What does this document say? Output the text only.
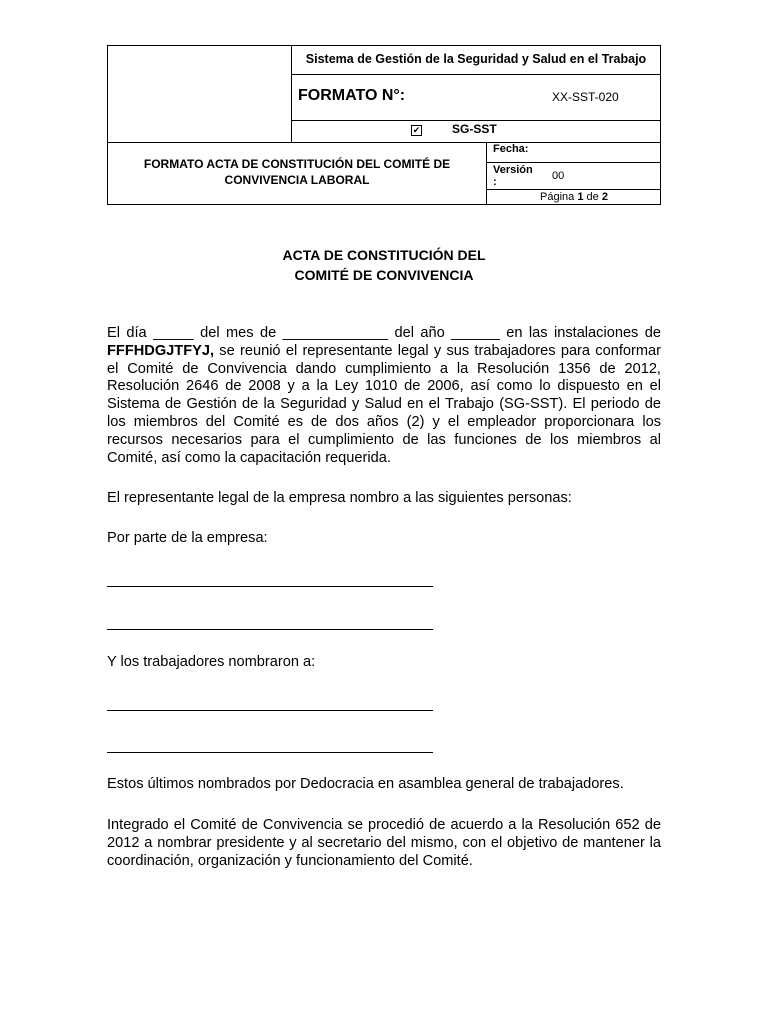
Sistema de Gestión de la Seguridad y Salud en el Trabajo
FORMATO N°:	XX-SST-020
✔	SG-SST
FORMATO ACTA DE CONSTITUCIÓN DEL COMITÉ DE
CONVIVENCIA LABORAL
Fecha:
Versión
:	00
Página 1 de 2
ACTA DE CONSTITUCIÓN DEL
COMITÉ DE CONVIVENCIA

El día _____ del mes de _____________ del año ______ en las instalaciones de FFFHDGJTFYJ, se reunió el representante legal y sus trabajadores para conformar el Comité de Convivencia dando cumplimiento a la Resolución 1356 de 2012, Resolución 2646 de 2008 y a la Ley 1010 de 2006, así como lo dispuesto en el Sistema de Gestión de la Seguridad y Salud en el Trabajo (SG-SST). El periodo de los miembros del Comité es de dos años (2) y el empleador proporcionara los recursos necesarios para el cumplimiento de las funciones de los miembros al Comité, así como la capacitación requerida.

El representante legal de la empresa nombro a las siguientes personas:

Por parte de la empresa:

Y los trabajadores nombraron a:

Estos últimos nombrados por Dedocracia en asamblea general de trabajadores.

Integrado el Comité de Convivencia se procedió de acuerdo a la Resolución 652 de 2012 a nombrar presidente y al secretario del mismo, con el objetivo de mantener la coordinación, organización y funcionamiento del Comité.
